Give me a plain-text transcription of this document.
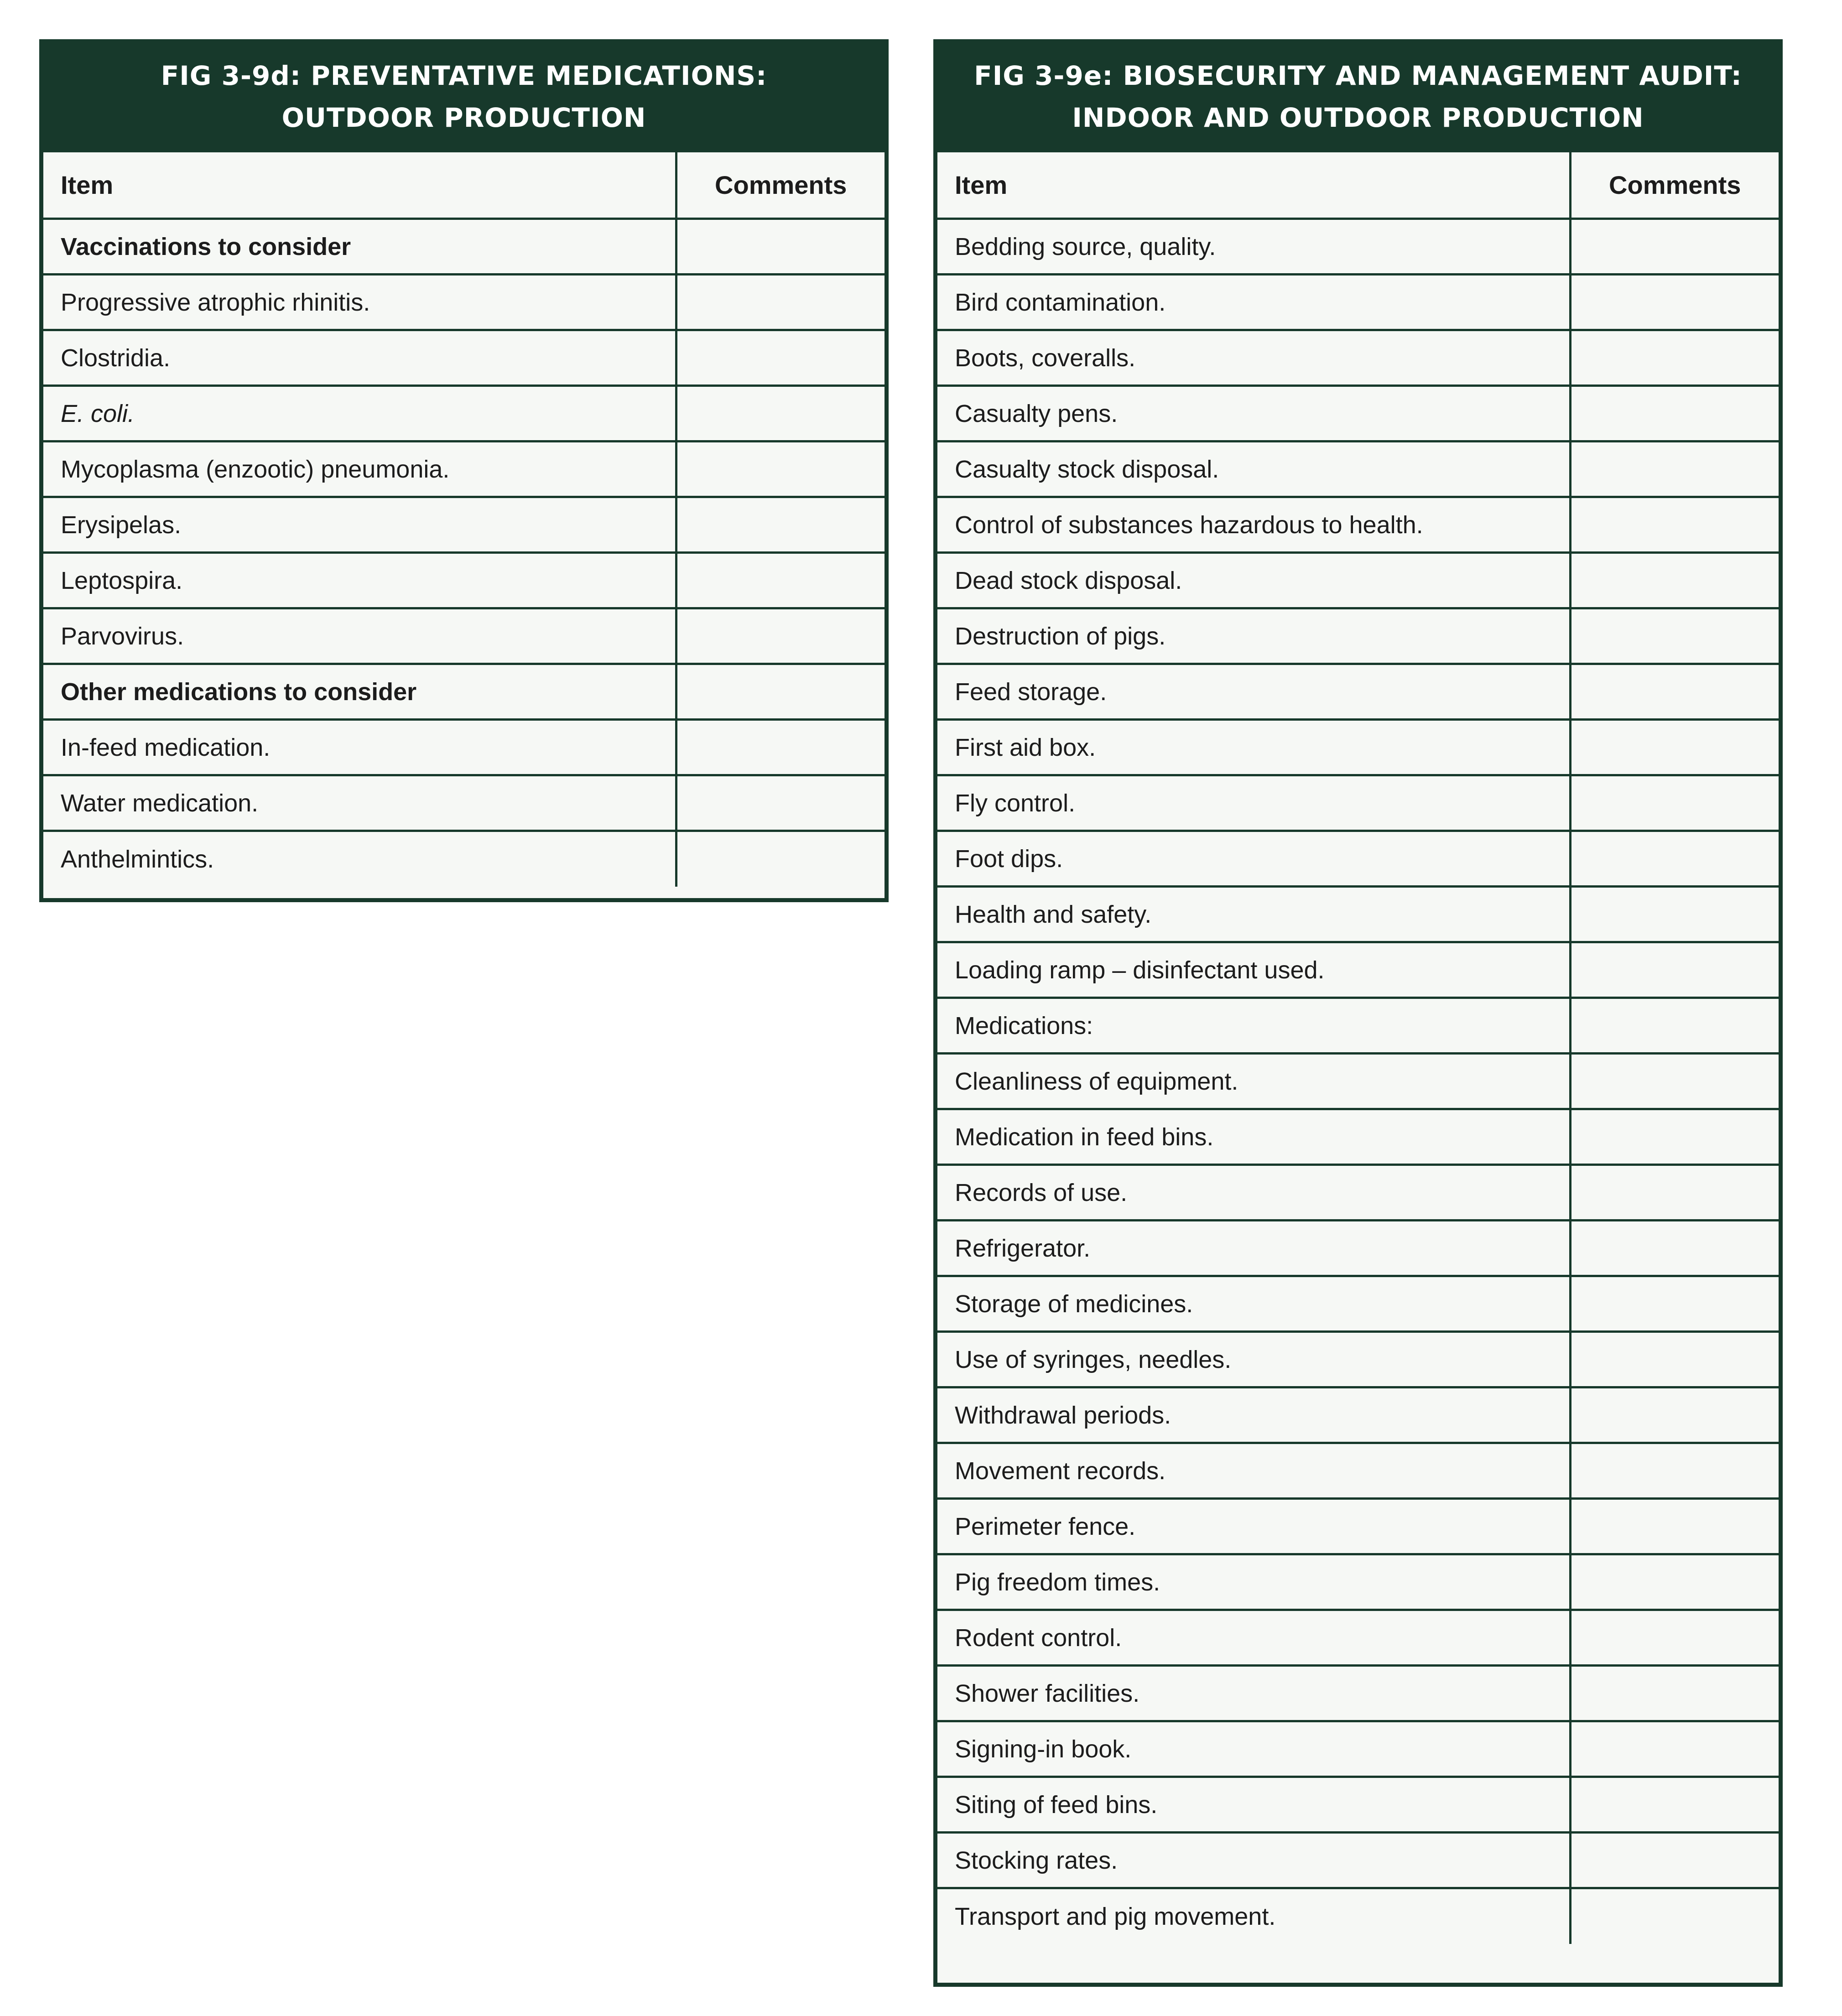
FIG 3-9d: PREVENTATIVE MEDICATIONS:
OUTDOOR PRODUCTION
Item	Comments
Vaccinations to consider	
Progressive atrophic rhinitis.	
Clostridia.	
E. coli.	
Mycoplasma (enzootic) pneumonia.	
Erysipelas.	
Leptospira.	
Parvovirus.	
Other medications to consider	
In-feed medication.	
Water medication.	
Anthelmintics.	
FIG 3-9e: BIOSECURITY AND MANAGEMENT AUDIT:
INDOOR AND OUTDOOR PRODUCTION
Item	Comments
Bedding source, quality.	
Bird contamination.	
Boots, coveralls.	
Casualty pens.	
Casualty stock disposal.	
Control of substances hazardous to health.	
Dead stock disposal.	
Destruction of pigs.	
Feed storage.	
First aid box.	
Fly control.	
Foot dips.	
Health and safety.	
Loading ramp – disinfectant used.	
Medications:	
Cleanliness of equipment.	
Medication in feed bins.	
Records of use.	
Refrigerator.	
Storage of medicines.	
Use of syringes, needles.	
Withdrawal periods.	
Movement records.	
Perimeter fence.	
Pig freedom times.	
Rodent control.	
Shower facilities.	
Signing-in book.	
Siting of feed bins.	
Stocking rates.	
Transport and pig movement.	
